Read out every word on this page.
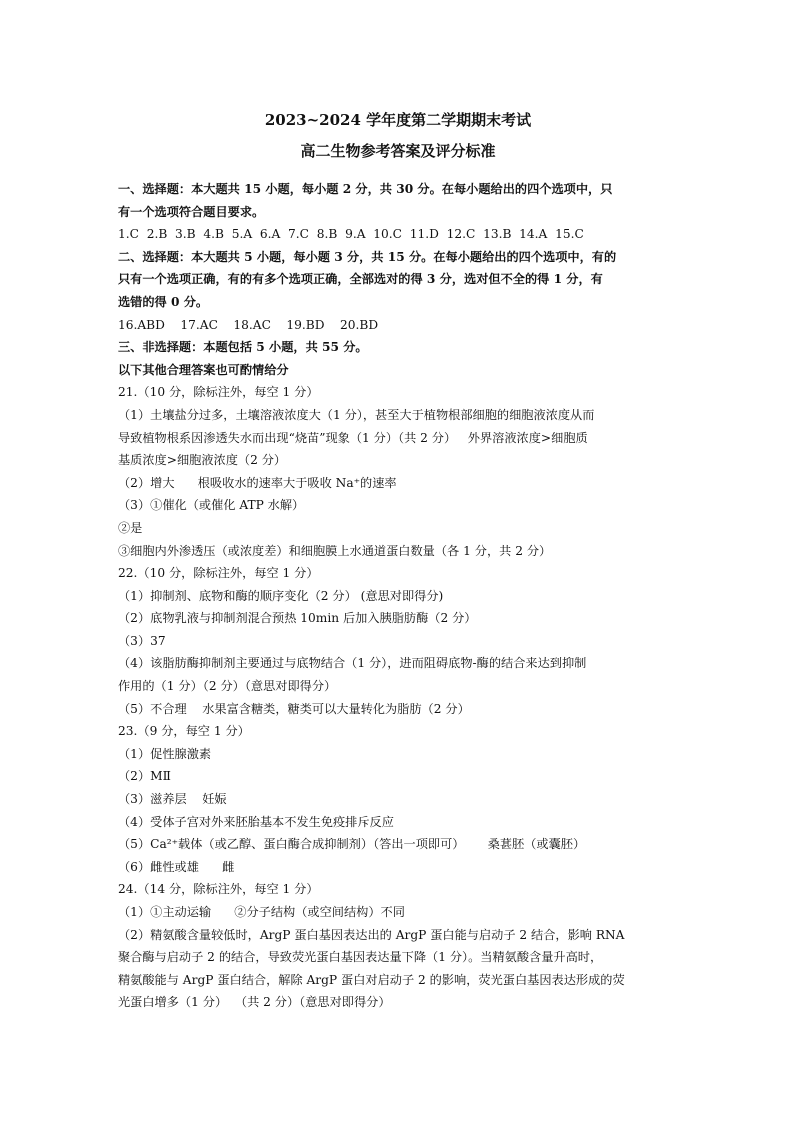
2023~2024 学年度第二学期期末考试
高二生物参考答案及评分标准
一、选择题：本大题共 15 小题，每小题 2 分，共 30 分。在每小题给出的四个选项中，只
有一个选项符合题目要求。
1.C  2.B  3.B  4.B  5.A  6.A  7.C  8.B  9.A  10.C  11.D  12.C  13.B  14.A  15.C
二、选择题：本大题共 5 小题，每小题 3 分，共 15 分。在每小题给出的四个选项中，有的
只有一个选项正确，有的有多个选项正确，全部选对的得 3 分，选对但不全的得 1 分，有
选错的得 0 分。
16.ABD    17.AC    18.AC    19.BD    20.BD
三、非选择题：本题包括 5 小题，共 55 分。
以下其他合理答案也可酌情给分
21.（10 分，除标注外，每空 1 分）
（1）土壤盐分过多，土壤溶液浓度大（1 分），甚至大于植物根部细胞的细胞液浓度从而
导致植物根系因渗透失水而出现“烧苗”现象（1 分）（共 2 分）   外界溶液浓度>细胞质
基质浓度>细胞液浓度（2 分）
（2）增大      根吸收水的速率大于吸收 Na⁺的速率
（3）①催化（或催化 ATP 水解）
②是
③细胞内外渗透压（或浓度差）和细胞膜上水通道蛋白数量（各 1 分，共 2 分）
22.（10 分，除标注外，每空 1 分）
（1）抑制剂、底物和酶的顺序变化（2 分） (意思对即得分)
（2）底物乳液与抑制剂混合预热 10min 后加入胰脂肪酶（2 分）
（3）37
（4）该脂肪酶抑制剂主要通过与底物结合（1 分），进而阻碍底物-酶的结合来达到抑制
作用的（1 分）（2 分）（意思对即得分）
（5）不合理    水果富含糖类，糖类可以大量转化为脂肪（2 分）
23.（9 分，每空 1 分）
（1）促性腺激素
（2）MⅡ
（3）滋养层    妊娠
（4）受体子宫对外来胚胎基本不发生免疫排斥反应
（5）Ca²⁺载体（或乙醇、蛋白酶合成抑制剂）（答出一项即可）      桑葚胚（或囊胚）
（6）雌性或雄      雌
24.（14 分，除标注外，每空 1 分）
（1）①主动运输      ②分子结构（或空间结构）不同
（2）精氨酸含量较低时，ArgP 蛋白基因表达出的 ArgP 蛋白能与启动子 2 结合，影响 RNA
聚合酶与启动子 2 的结合，导致荧光蛋白基因表达量下降（1 分）。当精氨酸含量升高时，
精氨酸能与 ArgP 蛋白结合，解除 ArgP 蛋白对启动子 2 的影响，荧光蛋白基因表达形成的荧
光蛋白增多（1 分）  （共 2 分）（意思对即得分）
